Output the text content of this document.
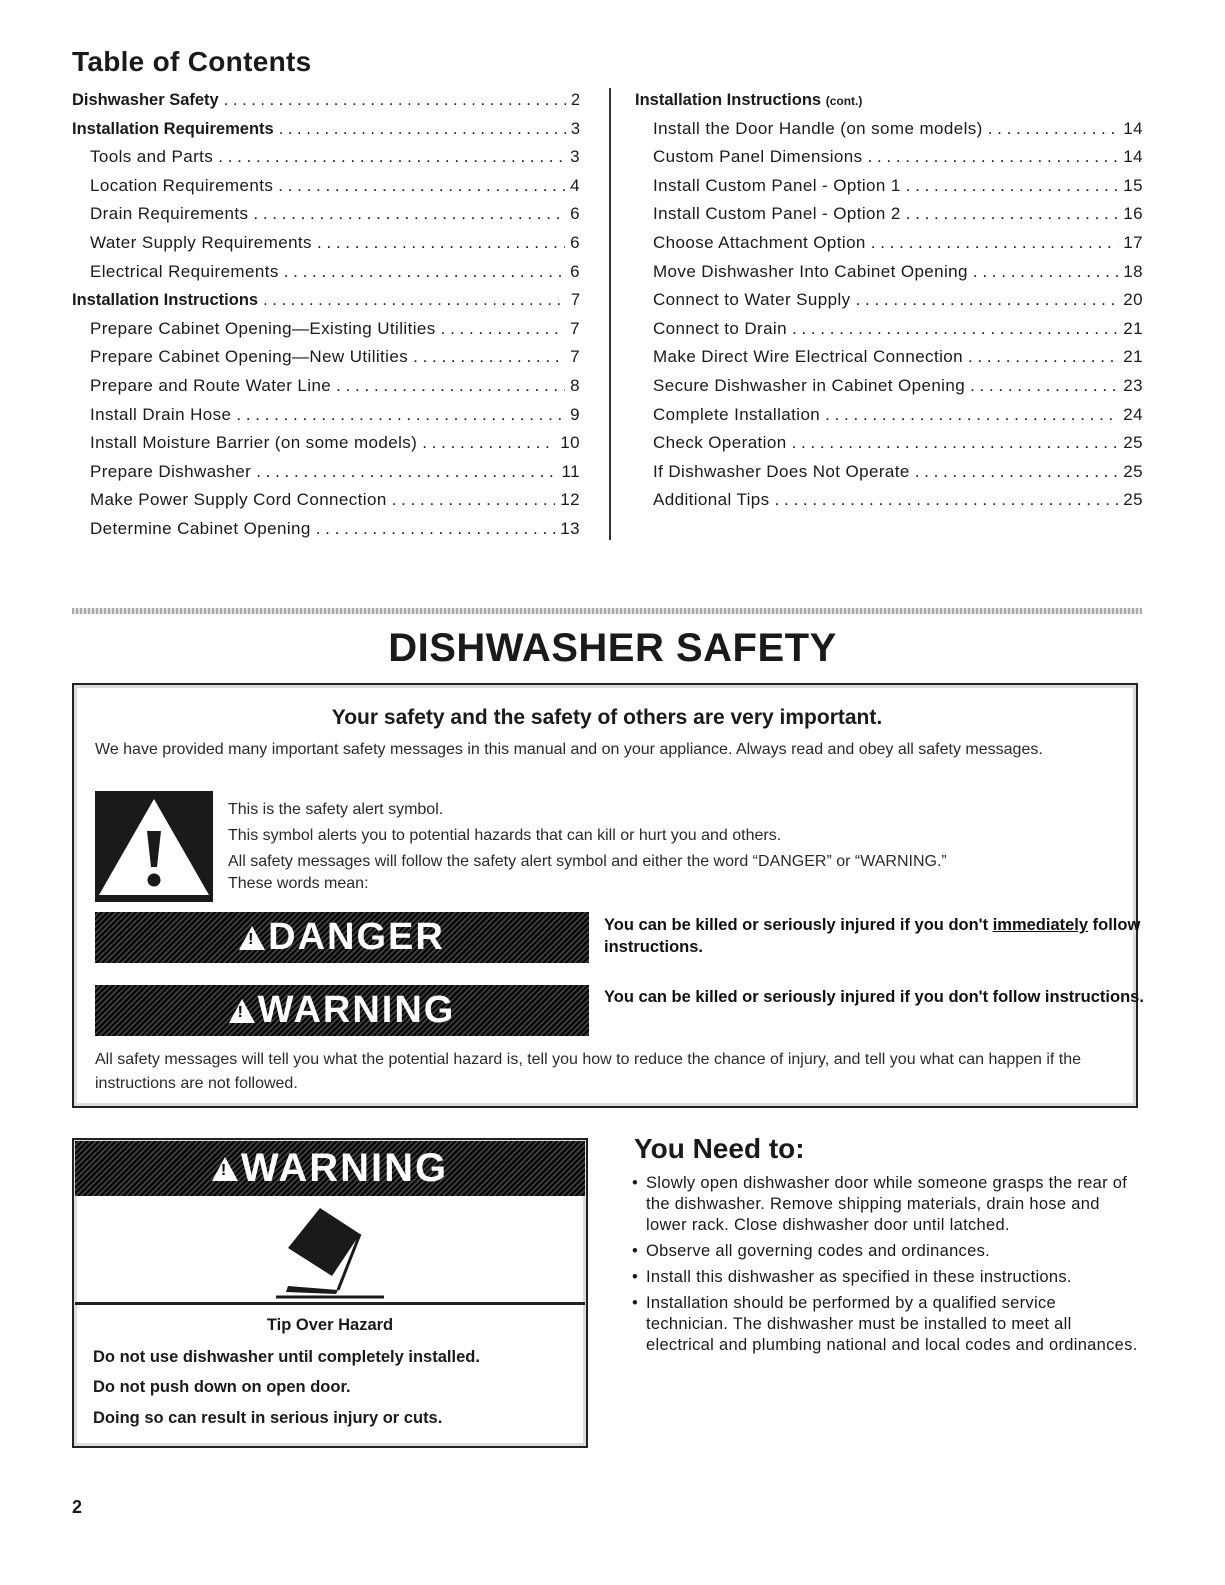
Table of Contents
Dishwasher Safety . . .	2
Installation Requirements . . .	3
Tools and Parts . . .	3
Location Requirements . . .	4
Drain Requirements . . .	6
Water Supply Requirements . . .	6
Electrical Requirements . . .	6
Installation Instructions . . .	7
Prepare Cabinet Opening—Existing Utilities . . .	7
Prepare Cabinet Opening—New Utilities . . .	7
Prepare and Route Water Line . . .	8
Install Drain Hose . . .	9
Install Moisture Barrier (on some models) . . .	10
Prepare Dishwasher . . .	11
Make Power Supply Cord Connection . . .	12
Determine Cabinet Opening . . .	13
Installation Instructions (cont.)
Install the Door Handle (on some models) . . .	14
Custom Panel Dimensions . . .	14
Install Custom Panel - Option 1 . . .	15
Install Custom Panel - Option 2 . . .	16
Choose Attachment Option . . .	17
Move Dishwasher Into Cabinet Opening . . .	18
Connect to Water Supply . . .	20
Connect to Drain . . .	21
Make Direct Wire Electrical Connection . . .	21
Secure Dishwasher in Cabinet Opening . . .	23
Complete Installation . . .	24
Check Operation . . .	25
If Dishwasher Does Not Operate . . .	25
Additional Tips . . .	25
DISHWASHER SAFETY
Your safety and the safety of others are very important.
We have provided many important safety messages in this manual and on your appliance. Always read and obey all safety messages.
This is the safety alert symbol.
This symbol alerts you to potential hazards that can kill or hurt you and others.
All safety messages will follow the safety alert symbol and either the word “DANGER” or “WARNING.”
These words mean:
!
DANGER	You can be killed or seriously injured if you don't immediately follow instructions.
!
WARNING	You can be killed or seriously injured if you don't follow instructions.
All safety messages will tell you what the potential hazard is, tell you how to reduce the chance of injury, and tell you what can happen if the instructions are not followed.
!
WARNING
Tip Over Hazard
Do not use dishwasher until completely installed.
Do not push down on open door.
Doing so can result in serious injury or cuts.
You Need to:
• Slowly open dishwasher door while someone grasps the rear of the dishwasher. Remove shipping materials, drain hose and lower rack. Close dishwasher door until latched.
• Observe all governing codes and ordinances.
• Install this dishwasher as specified in these instructions.
• Installation should be performed by a qualified service technician. The dishwasher must be installed to meet all electrical and plumbing national and local codes and ordinances.
2
